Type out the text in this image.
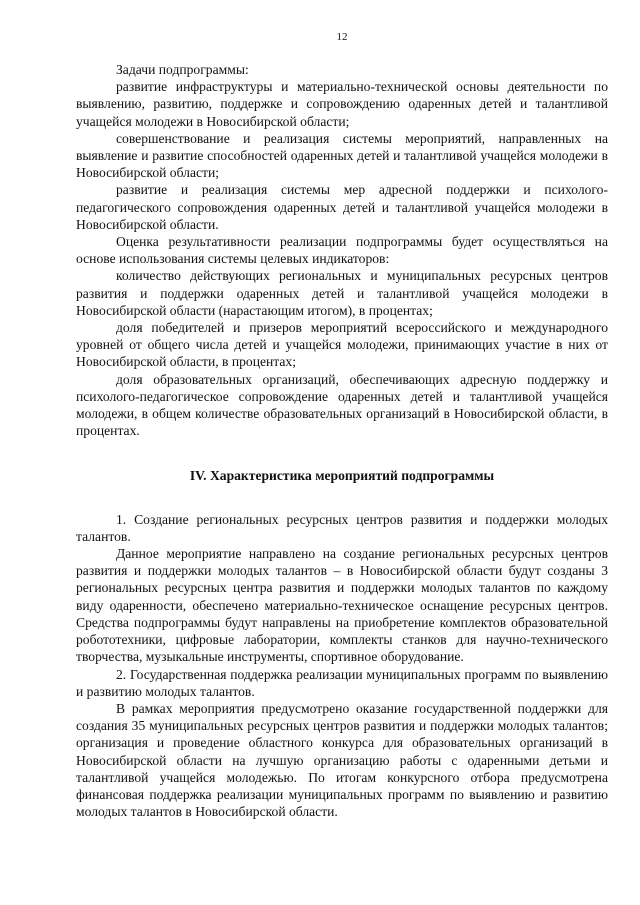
12

Задачи подпрограммы:

развитие инфраструктуры и материально-технической основы деятельности по выявлению, развитию, поддержке и сопровождению одаренных детей и талантливой учащейся молодежи в Новосибирской области;

совершенствование и реализация системы мероприятий, направленных на выявление и развитие способностей одаренных детей и талантливой учащейся молодежи в Новосибирской области;

развитие и реализация системы мер адресной поддержки и психолого-педагогического сопровождения одаренных детей и талантливой учащейся молодежи в Новосибирской области.

Оценка результативности реализации подпрограммы будет осуществляться на основе использования системы целевых индикаторов:

количество действующих региональных и муниципальных ресурсных центров развития и поддержки одаренных детей и талантливой учащейся молодежи в Новосибирской области (нарастающим итогом), в процентах;

доля победителей и призеров мероприятий всероссийского и международного уровней от общего числа детей и учащейся молодежи, принимающих участие в них от Новосибирской области, в процентах;

доля образовательных организаций, обеспечивающих адресную поддержку и психолого-педагогическое сопровождение одаренных детей и талантливой учащейся молодежи, в общем количестве образовательных организаций в Новосибирской области, в процентах.

IV. Характеристика мероприятий подпрограммы

1. Создание региональных ресурсных центров развития и поддержки молодых талантов.

Данное мероприятие направлено на создание региональных ресурсных центров развития и поддержки молодых талантов – в Новосибирской области будут созданы 3 региональных ресурсных центра развития и поддержки молодых талантов по каждому виду одаренности, обеспечено материально-техническое оснащение ресурсных центров. Средства подпрограммы будут направлены на приобретение комплектов образовательной робототехники, цифровые лаборатории, комплекты станков для научно-технического творчества, музыкальные инструменты, спортивное оборудование.

2. Государственная поддержка реализации муниципальных программ по выявлению и развитию молодых талантов.

В рамках мероприятия предусмотрено оказание государственной поддержки для создания 35 муниципальных ресурсных центров развития и поддержки молодых талантов; организация и проведение областного конкурса для образовательных организаций в Новосибирской области на лучшую организацию работы с одаренными детьми и талантливой учащейся молодежью. По итогам конкурсного отбора предусмотрена финансовая поддержка реализации муниципальных программ по выявлению и развитию молодых талантов в Новосибирской области.
